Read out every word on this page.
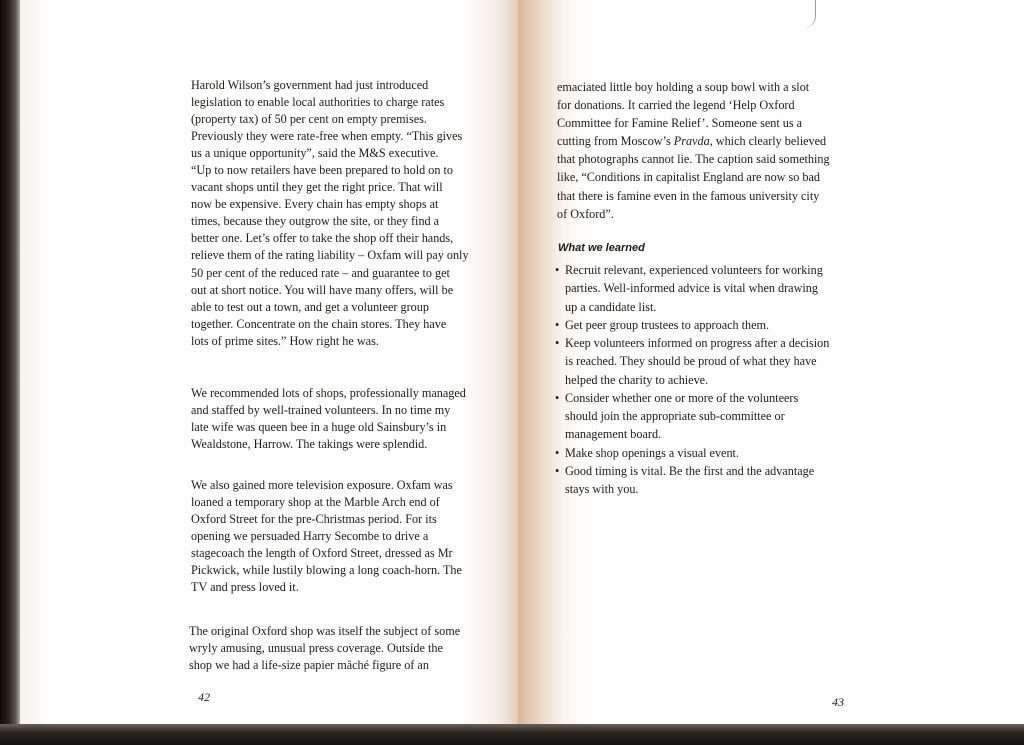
Harold Wilson’s government had just introduced
legislation to enable local authorities to charge rates
(property tax) of 50 per cent on empty premises.
Previously they were rate-free when empty. “This gives
us a unique opportunity”, said the M&S executive.
“Up to now retailers have been prepared to hold on to
vacant shops until they get the right price. That will
now be expensive. Every chain has empty shops at
times, because they outgrow the site, or they find a
better one. Let’s offer to take the shop off their hands,
relieve them of the rating liability – Oxfam will pay only
50 per cent of the reduced rate – and guarantee to get
out at short notice. You will have many offers, will be
able to test out a town, and get a volunteer group
together. Concentrate on the chain stores. They have
lots of prime sites.” How right he was.
We recommended lots of shops, professionally managed
and staffed by well-trained volunteers. In no time my
late wife was queen bee in a huge old Sainsbury’s in
Wealdstone, Harrow. The takings were splendid.
We also gained more television exposure. Oxfam was
loaned a temporary shop at the Marble Arch end of
Oxford Street for the pre-Christmas period. For its
opening we persuaded Harry Secombe to drive a
stagecoach the length of Oxford Street, dressed as Mr
Pickwick, while lustily blowing a long coach-horn. The
TV and press loved it.
The original Oxford shop was itself the subject of some
wryly amusing, unusual press coverage. Outside the
shop we had a life-size papier mâché figure of an
42
emaciated little boy holding a soup bowl with a slot
for donations. It carried the legend ‘Help Oxford
Committee for Famine Relief’. Someone sent us a
cutting from Moscow’s Pravda, which clearly believed
that photographs cannot lie. The caption said something
like, “Conditions in capitalist England are now so bad
that there is famine even in the famous university city
of Oxford”.
What we learned
• Recruit relevant, experienced volunteers for working
parties. Well-informed advice is vital when drawing
up a candidate list.
• Get peer group trustees to approach them.
• Keep volunteers informed on progress after a decision
is reached. They should be proud of what they have
helped the charity to achieve.
• Consider whether one or more of the volunteers
should join the appropriate sub-committee or
management board.
• Make shop openings a visual event.
• Good timing is vital. Be the first and the advantage
stays with you.
43
